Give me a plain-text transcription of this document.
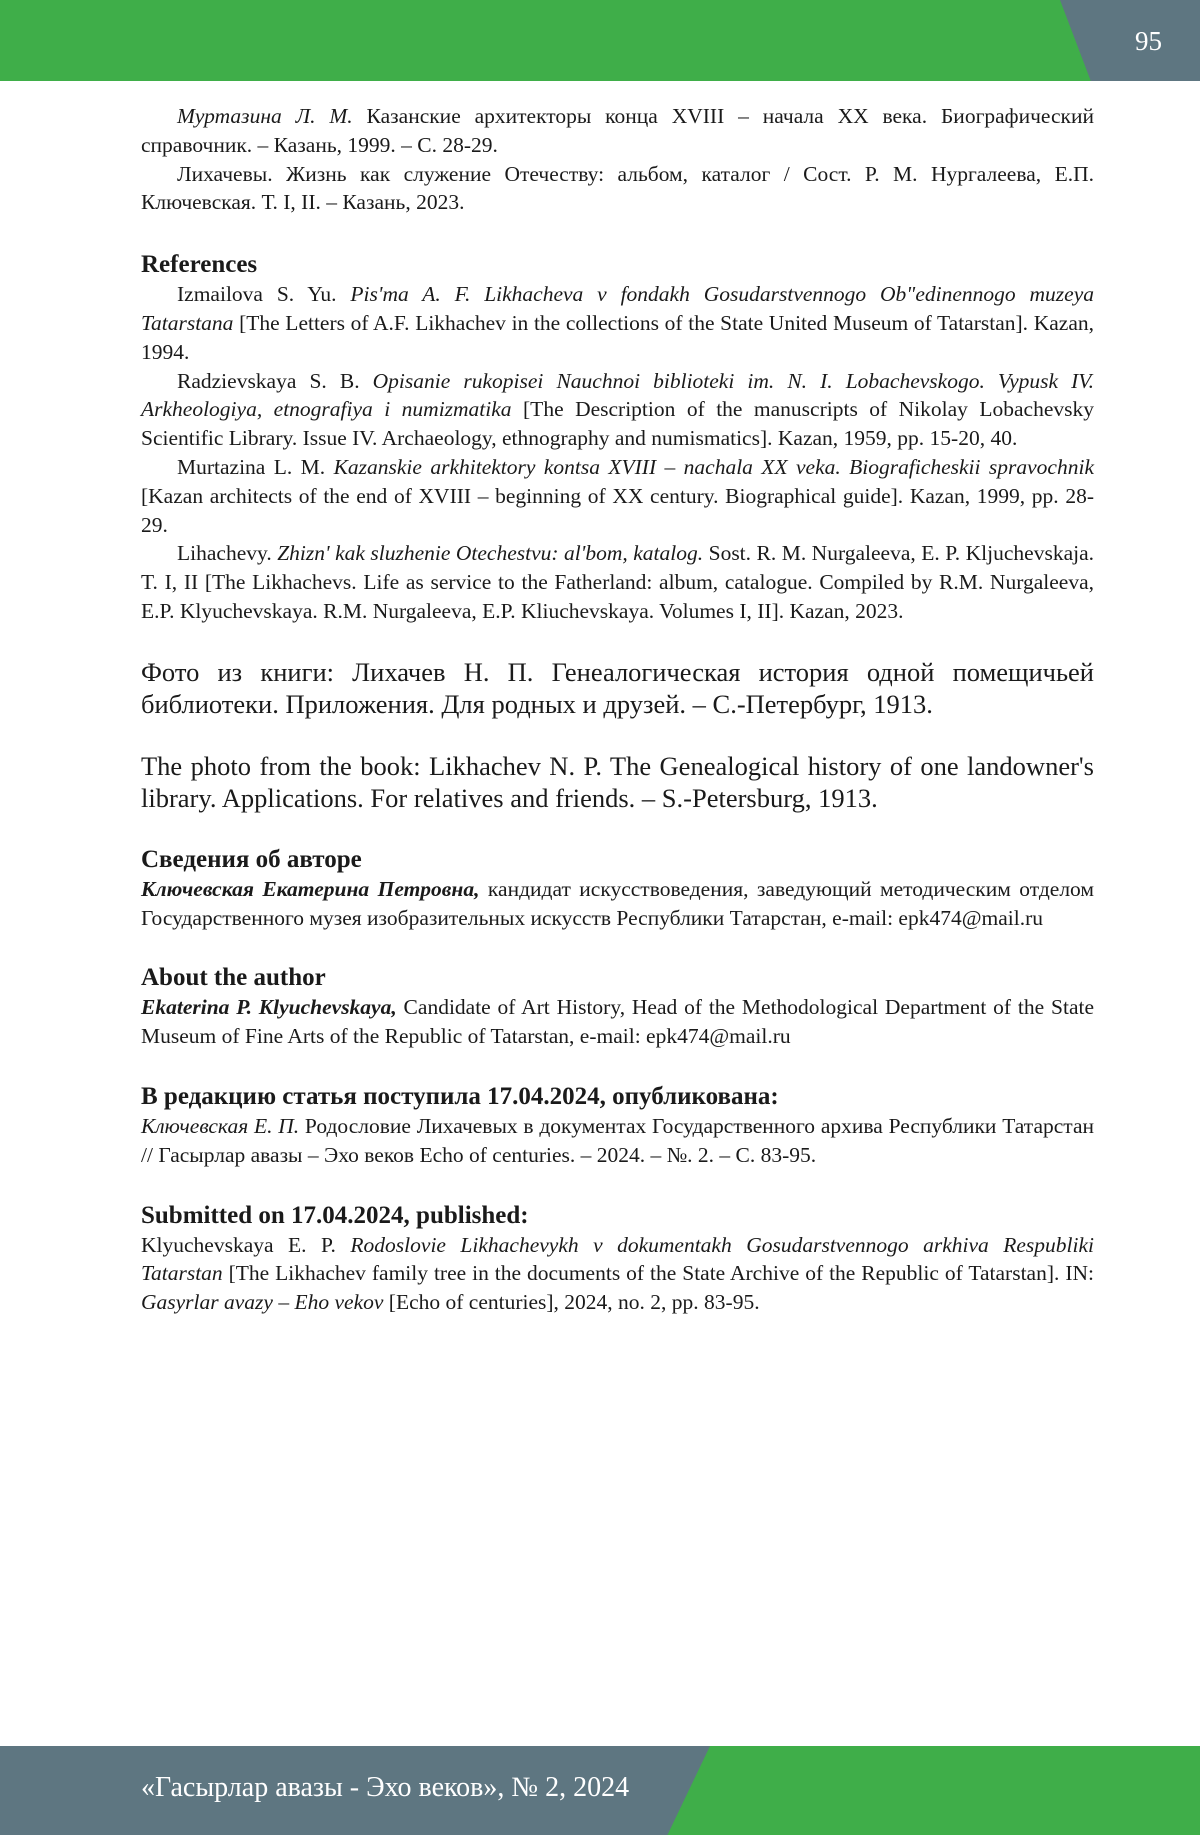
95

Муртазина Л. М. Казанские архитекторы конца XVIII – начала XX века. Биографический справочник. – Казань, 1999. – С. 28-29.

Лихачевы. Жизнь как служение Отечеству: альбом, каталог / Сост. Р. М. Нургалеева, Е.П. Ключевская. Т. I, II. – Казань, 2023.

References

Izmailova S. Yu. Pis'ma A. F. Likhacheva v fondakh Gosudarstvennogo Ob"edinennogo muzeya Tatarstana [The Letters of A.F. Likhachev in the collections of the State United Museum of Tatarstan]. Kazan, 1994.

Radzievskaya S. B. Opisanie rukopisei Nauchnoi biblioteki im. N. I. Lobachevskogo. Vypusk IV. Arkheologiya, etnografiya i numizmatika [The Description of the manuscripts of Nikolay Lobachevsky Scientific Library. Issue IV. Archaeology, ethnography and numismatics]. Kazan, 1959, pp. 15-20, 40.

Murtazina L. M. Kazanskie arkhitektory kontsa XVIII – nachala XX veka. Biograficheskii spravochnik [Kazan architects of the end of XVIII – beginning of XX century. Biographical guide]. Kazan, 1999, pp. 28-29.

Lihachevy. Zhizn' kak sluzhenie Otechestvu: al'bom, katalog. Sost. R. M. Nurgaleeva, E. P. Kljuchevskaja. T. I, II [The Likhachevs. Life as service to the Fatherland: album, catalogue. Compiled by R.M. Nurgaleeva, E.P. Klyuchevskaya. R.M. Nurgaleeva, E.P. Kliuchevskaya. Volumes I, II]. Kazan, 2023.

Фото из книги: Лихачев Н. П. Генеалогическая история одной помещичьей библиотеки. Приложения. Для родных и друзей. – С.-Петербург, 1913.

The photo from the book: Likhachev N. P. The Genealogical history of one landowner's library. Applications. For relatives and friends. – S.-Petersburg, 1913.

Сведения об авторе

Ключевская Екатерина Петровна, кандидат искусствоведения, заведующий методическим отделом Государственного музея изобразительных искусств Республики Татарстан, e-mail: epk474@mail.ru

About the author

Ekaterina P. Klyuchevskaya, Candidate of Art History, Head of the Methodological Department of the State Museum of Fine Arts of the Republic of Tatarstan, e-mail: epk474@mail.ru

В редакцию статья поступила 17.04.2024, опубликована:

Ключевская Е. П. Родословие Лихачевых в документах Государственного архива Республики Татарстан // Гасырлар авазы – Эхо веков Echo of centuries. – 2024. – №. 2. – С. 83-95.

Submitted on 17.04.2024, published:

Klyuchevskaya E. P. Rodoslovie Likhachevykh v dokumentakh Gosudarstvennogo arkhiva Respubliki Tatarstan [The Likhachev family tree in the documents of the State Archive of the Republic of Tatarstan]. IN: Gasyrlar avazy – Eho vekov [Echo of centuries], 2024, no. 2, pp. 83-95.

«Гасырлар авазы - Эхо веков», № 2, 2024
